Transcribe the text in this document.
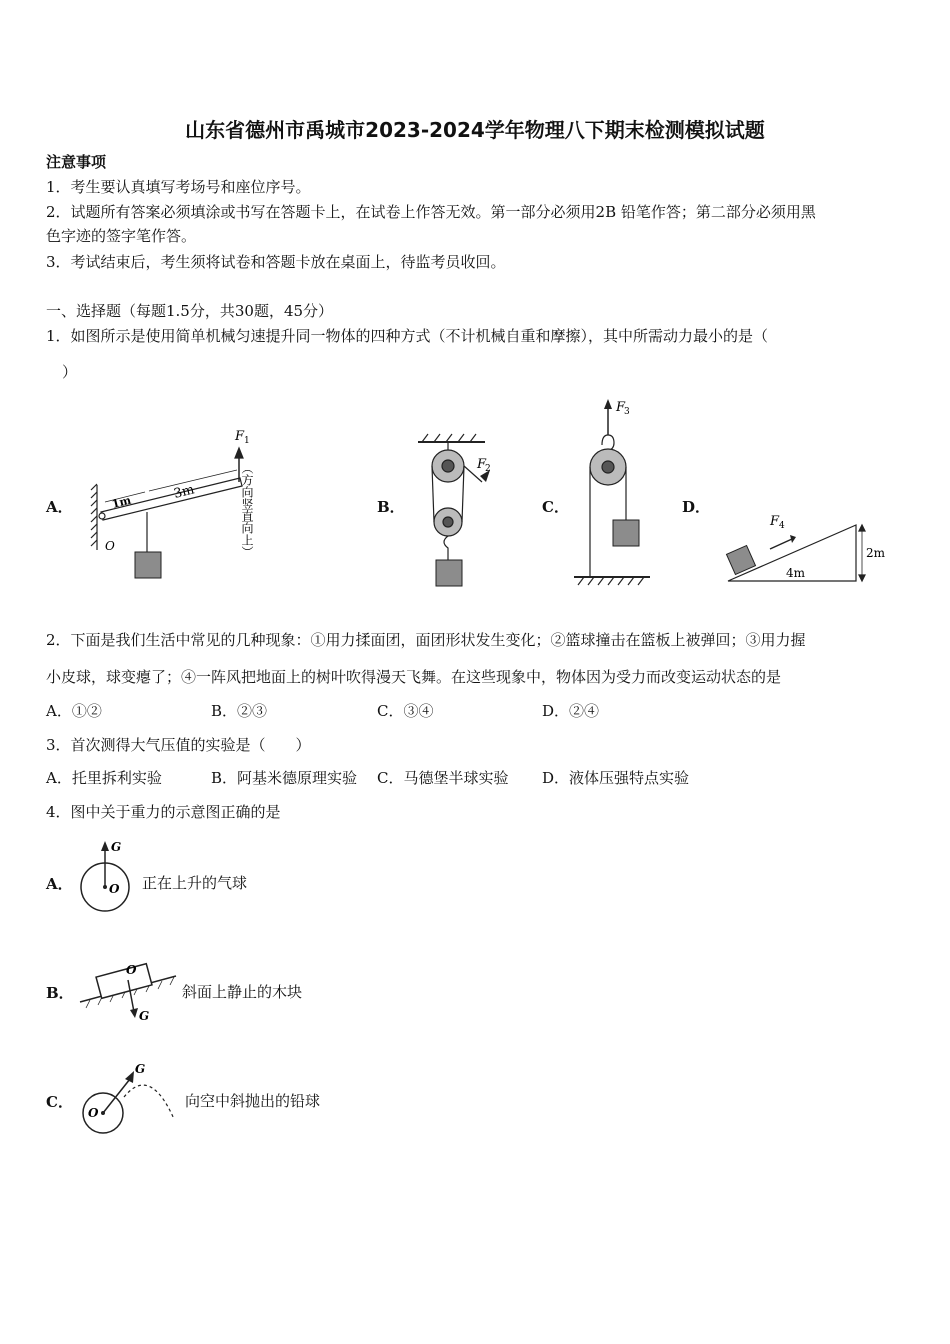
山东省德州市禹城市2023-2024学年物理八下期末检测模拟试题
注意事项
1．考生要认真填写考场号和座位序号。
2．试题所有答案必须填涂或书写在答题卡上，在试卷上作答无效。第一部分必须用2B 铅笔作答；第二部分必须用黑
色字迹的签字笔作答。
3．考试结束后，考生须将试卷和答题卡放在桌面上，待监考员收回。
一、选择题（每题1.5分，共30题，45分）
1．如图所示是使用简单机械匀速提升同一物体的四种方式（不计机械自重和摩擦），其中所需动力最小的是（
）
A．	B．	C．	D．
F 1
1m
3m
O	（方向竖直向上）	F
2
F
3
F 4
4m
2m
2．下面是我们生活中常见的几种现象：①用力揉面团，面团形状发生变化；②篮球撞击在篮板上被弹回；③用力握
小皮球，球变瘪了；④一阵风把地面上的树叶吹得漫天飞舞。在这些现象中，物体因为受力而改变运动状态的是
A．①②	B．②③	C．③④	D．②④
3．首次测得大气压值的实验是（　　）
A．托里拆利实验	B．阿基米德原理实验 C．马德堡半球实验 D．液体压强特点实验
4．图中关于重力的示意图正确的是
A．
G
O 正在上升的气球
B．
O
G
斜面上静止的木块
C．
G
O
向空中斜抛出的铅球
